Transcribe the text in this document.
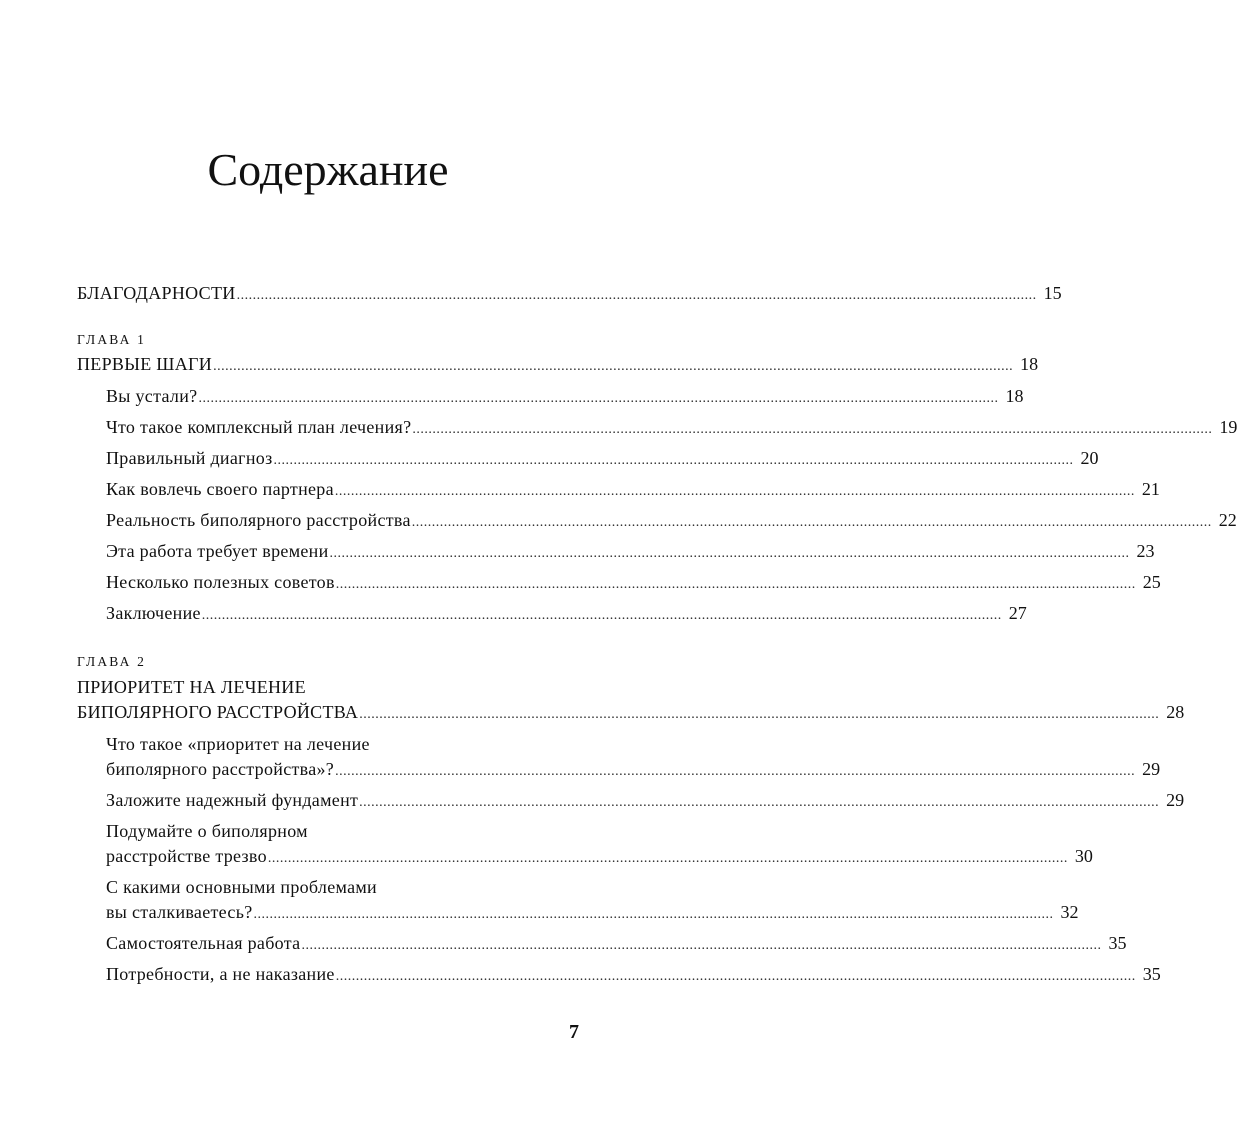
Содержание
БЛАГОДАРНОСТИ ........................................................................................................................................................................................................ 15
ГЛАВА 1
ПЕРВЫЕ ШАГИ ........................................................................................................................................................................................................ 18
Вы устали? ........................................................................................................................................................................................................ 18
Что такое комплексный план лечения? ........................................................................................................................................................................................................ 19
Правильный диагноз ........................................................................................................................................................................................................ 20
Как вовлечь своего партнера ........................................................................................................................................................................................................ 21
Реальность биполярного расстройства ........................................................................................................................................................................................................ 22
Эта работа требует времени ........................................................................................................................................................................................................ 23
Несколько полезных советов ........................................................................................................................................................................................................ 25
Заключение ........................................................................................................................................................................................................ 27
ГЛАВА 2
ПРИОРИТЕТ НА ЛЕЧЕНИЕ
БИПОЛЯРНОГО РАССТРОЙСТВА ........................................................................................................................................................................................................ 28
Что такое «приоритет на лечение
биполярного расстройства»? ........................................................................................................................................................................................................ 29
Заложите надежный фундамент ........................................................................................................................................................................................................ 29
Подумайте о биполярном
расстройстве трезво ........................................................................................................................................................................................................ 30
С какими основными проблемами
вы сталкиваетесь? ........................................................................................................................................................................................................ 32
Самостоятельная работа ........................................................................................................................................................................................................ 35
Потребности, а не наказание ........................................................................................................................................................................................................ 35
7
